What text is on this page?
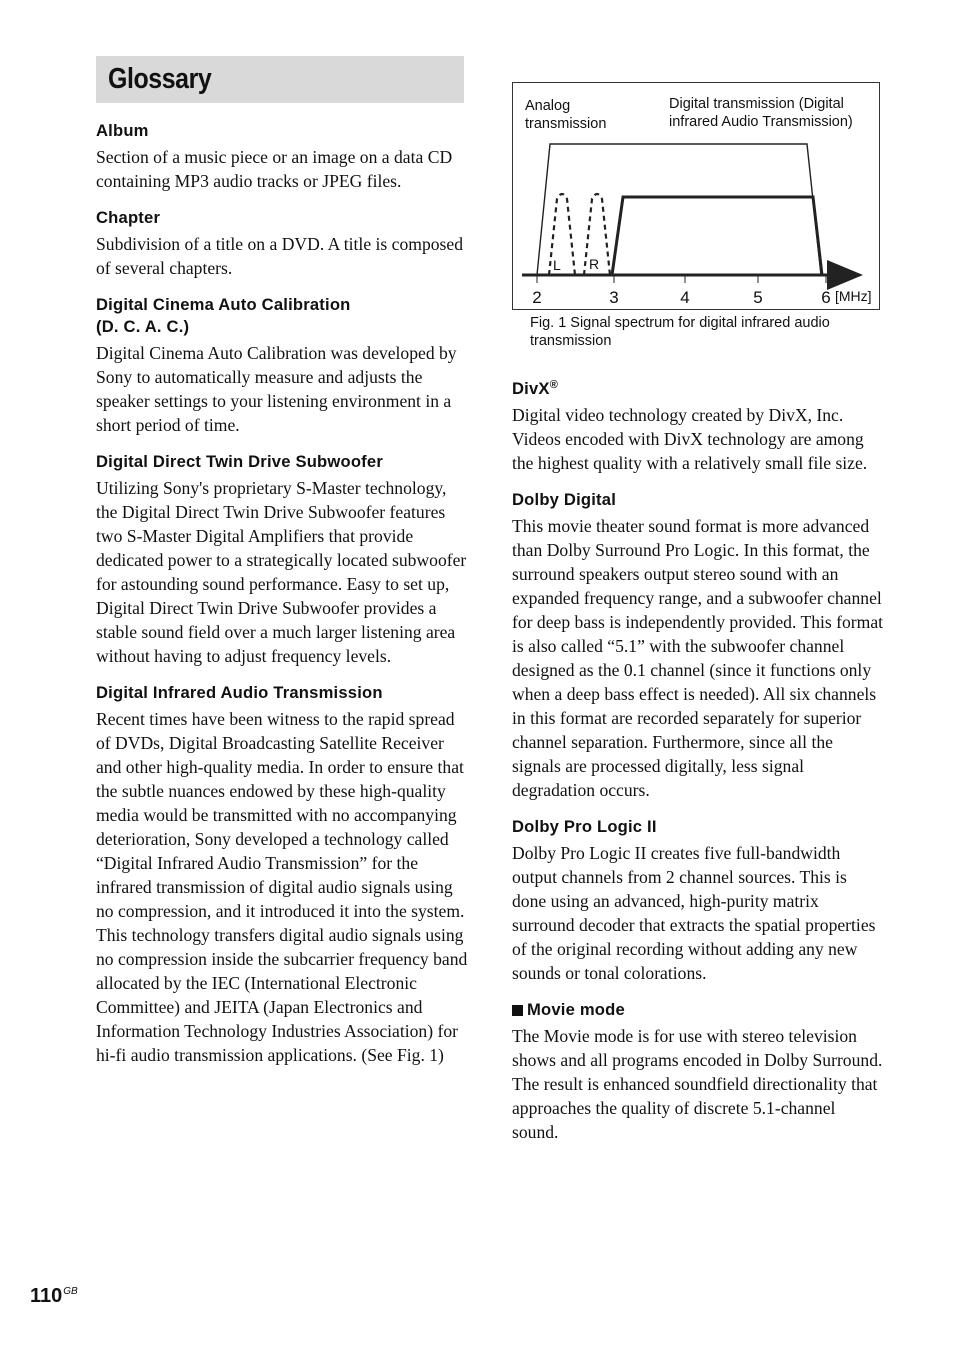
Glossary

Album

Section of a music piece or an image on a data CD containing MP3 audio tracks or JPEG files.

Chapter

Subdivision of a title on a DVD. A title is composed of several chapters.

Digital Cinema Auto Calibration

(D. C. A. C.)

Digital Cinema Auto Calibration was developed by Sony to automatically measure and adjusts the speaker settings to your listening environment in a short period of time.

Digital Direct Twin Drive Subwoofer

Utilizing Sony's proprietary S-Master technology, the Digital Direct Twin Drive Subwoofer features two S-Master Digital Amplifiers that provide dedicated power to a strategically located subwoofer for astounding sound performance. Easy to set up, Digital Direct Twin Drive Subwoofer provides a stable sound field over a much larger listening area without having to adjust frequency levels.

Digital Infrared Audio Transmission

Recent times have been witness to the rapid spread of DVDs, Digital Broadcasting Satellite Receiver and other high-quality media. In order to ensure that the subtle nuances endowed by these high-quality media would be transmitted with no accompanying deterioration, Sony developed a technology called “Digital Infrared Audio Transmission” for the infrared transmission of digital audio signals using no compression, and it introduced it into the system.

This technology transfers digital audio signals using no compression inside the subcarrier frequency band allocated by the IEC (International Electronic Committee) and JEITA (Japan Electronics and Information Technology Industries Association) for hi-fi audio transmission applications. (See Fig. 1)

Analog
transmission
Digital transmission (Digital
infrared Audio Transmission)
L R
2	3	4	5	6 [MHz]
Fig. 1 Signal spectrum for digital infrared audio transmission

DivX®

Digital video technology created by DivX, Inc. Videos encoded with DivX technology are among the highest quality with a relatively small file size.

Dolby Digital

This movie theater sound format is more advanced than Dolby Surround Pro Logic. In this format, the surround speakers output stereo sound with an expanded frequency range, and a subwoofer channel for deep bass is independently provided. This format is also called “5.1” with the subwoofer channel designed as the 0.1 channel (since it functions only when a deep bass effect is needed). All six channels in this format are recorded separately for superior channel separation. Furthermore, since all the signals are processed digitally, less signal degradation occurs.

Dolby Pro Logic II

Dolby Pro Logic II creates five full-bandwidth output channels from 2 channel sources. This is done using an advanced, high-purity matrix surround decoder that extracts the spatial properties of the original recording without adding any new sounds or tonal colorations.

Movie mode

The Movie mode is for use with stereo television shows and all programs encoded in Dolby Surround. The result is enhanced soundfield directionality that approaches the quality of discrete 5.1-channel sound.

$110^{GB}$
